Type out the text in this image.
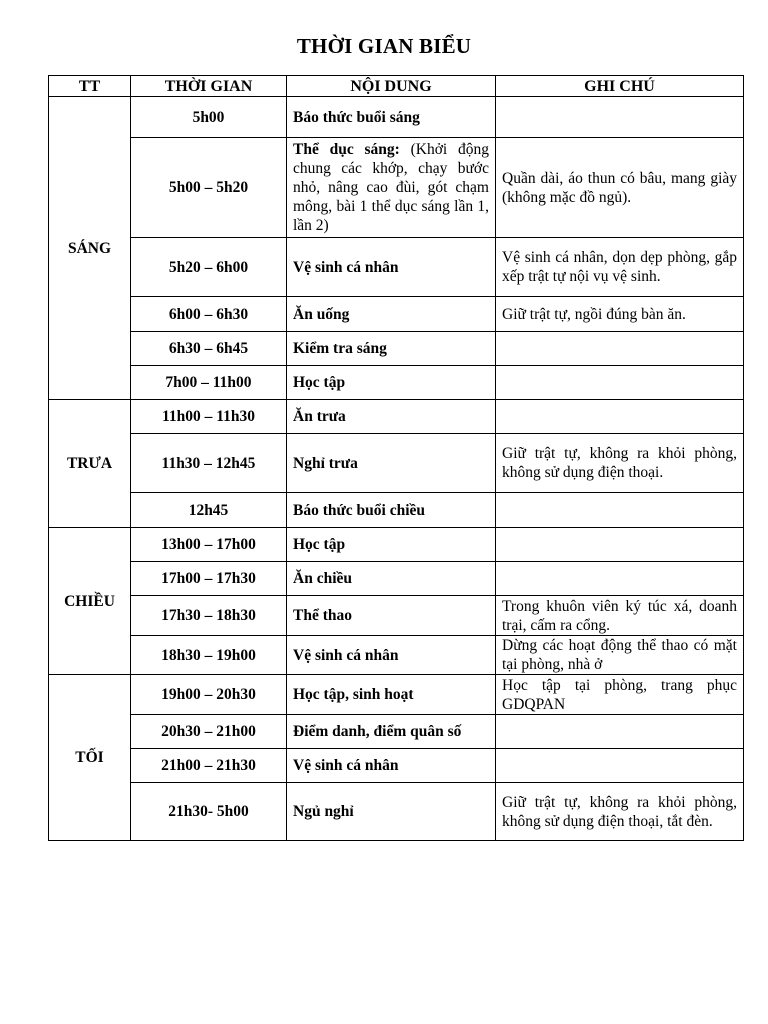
THỜI GIAN BIỂU
TT	THỜI GIAN	NỘI DUNG	GHI CHÚ
SÁNG	5h00	Báo thức buổi sáng	
	5h00 – 5h20	Thể dục sáng: (Khởi động chung các khớp, chạy bước nhỏ, nâng cao đùi, gót chạm mông, bài 1 thể dục sáng lần 1, lần 2)	Quần dài, áo thun có bâu, mang giày (không mặc đồ ngủ).
	5h20 – 6h00	Vệ sinh cá nhân	Vệ sinh cá nhân, dọn dẹp phòng, gắp xếp trật tự nội vụ vệ sinh.
	6h00 – 6h30	Ăn uống	Giữ trật tự, ngồi đúng bàn ăn.
	6h30 – 6h45	Kiểm tra sáng	
	7h00 – 11h00	Học tập	
TRƯA	11h00 – 11h30	Ăn trưa	
	11h30 – 12h45	Nghỉ trưa	Giữ trật tự, không ra khỏi phòng, không sử dụng điện thoại.
	12h45	Báo thức buổi chiều	
CHIỀU	13h00 – 17h00	Học tập	
	17h00 – 17h30	Ăn chiều	
	17h30 – 18h30	Thể thao	Trong khuôn viên ký túc xá, doanh trại, cấm ra cổng.
	18h30 – 19h00	Vệ sinh cá nhân	Dừng các hoạt động thể thao có mặt tại phòng, nhà ở
TỐI	19h00 – 20h30	Học tập, sinh hoạt	Học tập tại phòng, trang phục GDQPAN
	20h30 – 21h00	Điểm danh, điểm quân số	
	21h00 – 21h30	Vệ sinh cá nhân	
	21h30- 5h00	Ngủ nghỉ	Giữ trật tự, không ra khỏi phòng, không sử dụng điện thoại, tắt đèn.
